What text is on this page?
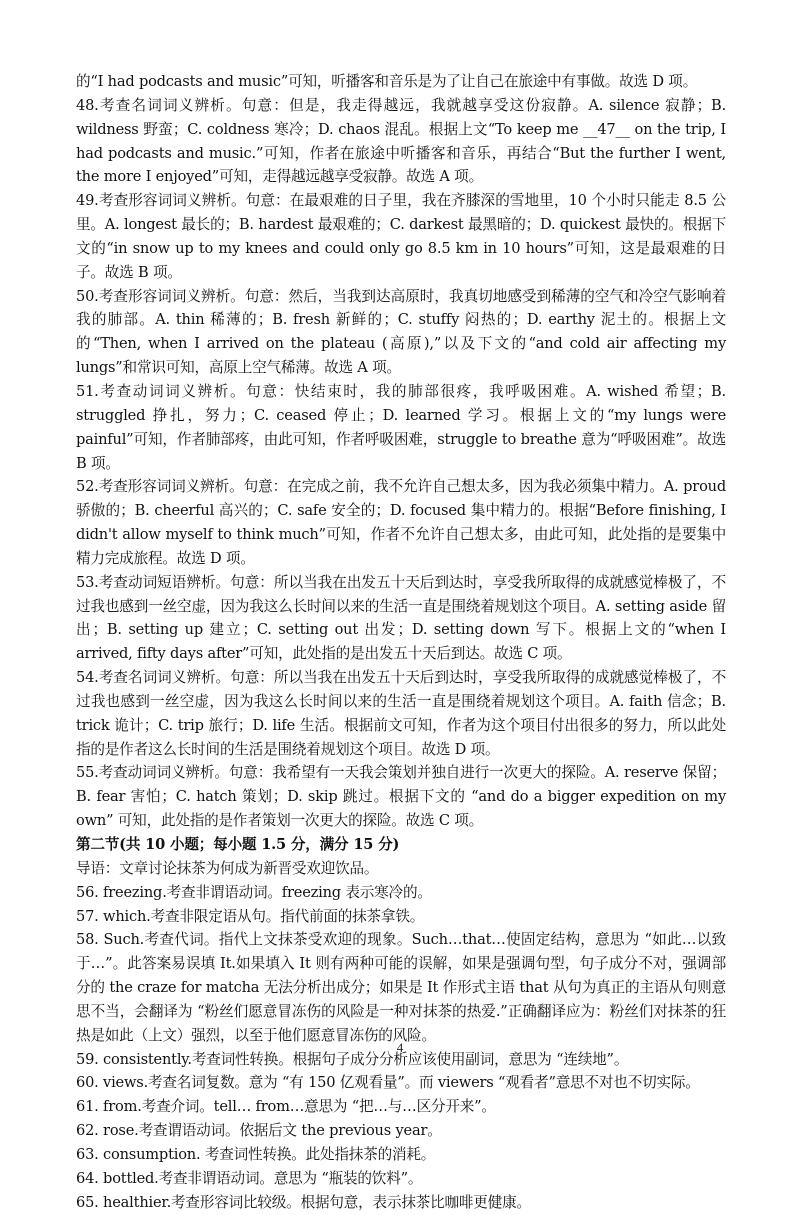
的“I had podcasts and music”可知，听播客和音乐是为了让自己在旅途中有事做。故选 D 项。

48.考查名词词义辨析。句意：但是，我走得越远，我就越享受这份寂静。A. silence 寂静；B. wildness 野蛮；C. coldness 寒冷；D. chaos 混乱。根据上文“To keep me __47__ on the trip, I had podcasts and music.”可知，作者在旅途中听播客和音乐，再结合“But the further I went, the more I enjoyed”可知，走得越远越享受寂静。故选 A 项。

49.考查形容词词义辨析。句意：在最艰难的日子里，我在齐膝深的雪地里，10 个小时只能走 8.5 公里。A. longest 最长的；B. hardest 最艰难的；C. darkest 最黑暗的；D. quickest 最快的。根据下文的“in snow up to my knees and could only go 8.5 km in 10 hours”可知，这是最艰难的日子。故选 B 项。

50.考查形容词词义辨析。句意：然后，当我到达高原时，我真切地感受到稀薄的空气和冷空气影响着我的肺部。A. thin 稀薄的；B. fresh 新鲜的；C. stuffy 闷热的；D. earthy 泥土的。根据上文的“Then, when I arrived on the plateau (高原),”以及下文的“and cold air affecting my lungs”和常识可知，高原上空气稀薄。故选 A 项。

51.考查动词词义辨析。句意：快结束时，我的肺部很疼，我呼吸困难。A. wished 希望；B. struggled 挣扎，努力；C. ceased 停止；D. learned 学习。根据上文的“my lungs were painful”可知，作者肺部疼，由此可知，作者呼吸困难，struggle to breathe 意为“呼吸困难”。故选 B 项。

52.考查形容词词义辨析。句意：在完成之前，我不允许自己想太多，因为我必须集中精力。A. proud 骄傲的；B. cheerful 高兴的；C. safe 安全的；D. focused 集中精力的。根据“Before finishing, I didn't allow myself to think much”可知，作者不允许自己想太多，由此可知，此处指的是要集中精力完成旅程。故选 D 项。

53.考查动词短语辨析。句意：所以当我在出发五十天后到达时，享受我所取得的成就感觉棒极了，不过我也感到一丝空虚，因为我这么长时间以来的生活一直是围绕着规划这个项目。A. setting aside 留出；B. setting up 建立；C. setting out 出发；D. setting down 写下。根据上文的“when I arrived, fifty days after”可知，此处指的是出发五十天后到达。故选 C 项。

54.考查名词词义辨析。句意：所以当我在出发五十天后到达时，享受我所取得的成就感觉棒极了，不过我也感到一丝空虚，因为我这么长时间以来的生活一直是围绕着规划这个项目。A. faith 信念；B. trick 诡计；C. trip 旅行；D. life 生活。根据前文可知，作者为这个项目付出很多的努力，所以此处指的是作者这么长时间的生活是围绕着规划这个项目。故选 D 项。

55.考查动词词义辨析。句意：我希望有一天我会策划并独自进行一次更大的探险。A. reserve 保留；B. fear 害怕；C. hatch 策划；D. skip 跳过。根据下文的 “and do a bigger expedition on my own” 可知，此处指的是作者策划一次更大的探险。故选 C 项。

第二节(共 10 小题；每小题 1.5 分，满分 15 分)

导语：文章讨论抹茶为何成为新晋受欢迎饮品。

56. freezing.考查非谓语动词。freezing 表示寒冷的。

57. which.考查非限定语从句。指代前面的抹茶拿铁。

58. Such.考查代词。指代上文抹茶受欢迎的现象。Such…that…使固定结构，意思为 “如此…以致于…”。此答案易误填 It.如果填入 It 则有两种可能的误解，如果是强调句型，句子成分不对，强调部分的 the craze for matcha 无法分析出成分；如果是 It 作形式主语 that 从句为真正的主语从句则意思不当，会翻译为 “粉丝们愿意冒冻伤的风险是一种对抹茶的热爱.”正确翻译应为：粉丝们对抹茶的狂热是如此（上文）强烈，以至于他们愿意冒冻伤的风险。

59. consistently.考查词性转换。根据句子成分分析应该使用副词，意思为 “连续地”。

60. views.考查名词复数。意为 “有 150 亿观看量”。而 viewers “观看者”意思不对也不切实际。

61. from.考查介词。tell… from…意思为 “把…与…区分开来”。

62. rose.考查谓语动词。依据后文 the previous year。

63. consumption. 考查词性转换。此处指抹茶的消耗。

64. bottled.考查非谓语动词。意思为 “瓶装的饮料”。

65. healthier.考查形容词比较级。根据句意，表示抹茶比咖啡更健康。

4
